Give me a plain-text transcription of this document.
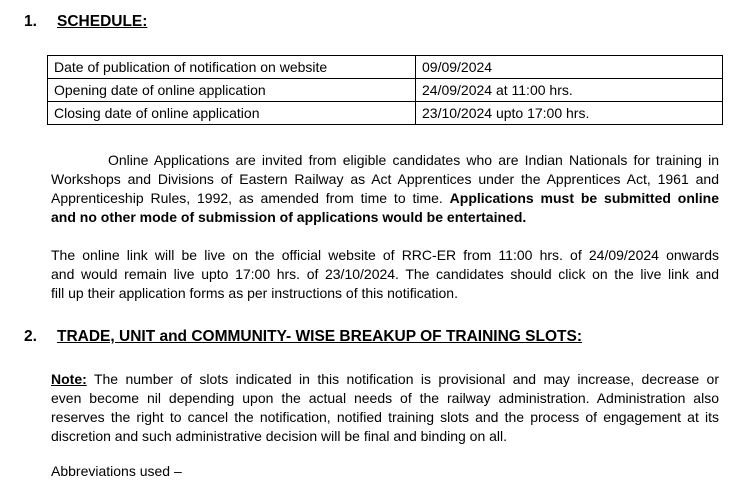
1. SCHEDULE:
Date of publication of notification on website	09/09/2024
Opening date of online application	24/09/2024 at 11:00 hrs.
Closing date of online application	23/10/2024 upto 17:00 hrs.
Online Applications are invited from eligible candidates who are Indian Nationals for training in
Workshops and Divisions of Eastern Railway as Act Apprentices under the Apprentices Act, 1961 and
Apprenticeship Rules, 1992, as amended from time to time. Applications must be submitted online
and no other mode of submission of applications would be entertained.
The online link will be live on the official website of RRC-ER from 11:00 hrs. of 24/09/2024 onwards
and would remain live upto 17:00 hrs. of 23/10/2024. The candidates should click on the live link and
fill up their application forms as per instructions of this notification.
2. TRADE, UNIT and COMMUNITY- WISE BREAKUP OF TRAINING SLOTS:
Note: The number of slots indicated in this notification is provisional and may increase, decrease or
even become nil depending upon the actual needs of the railway administration. Administration also
reserves the right to cancel the notification, notified training slots and the process of engagement at its
discretion and such administrative decision will be final and binding on all.
Abbreviations used –
